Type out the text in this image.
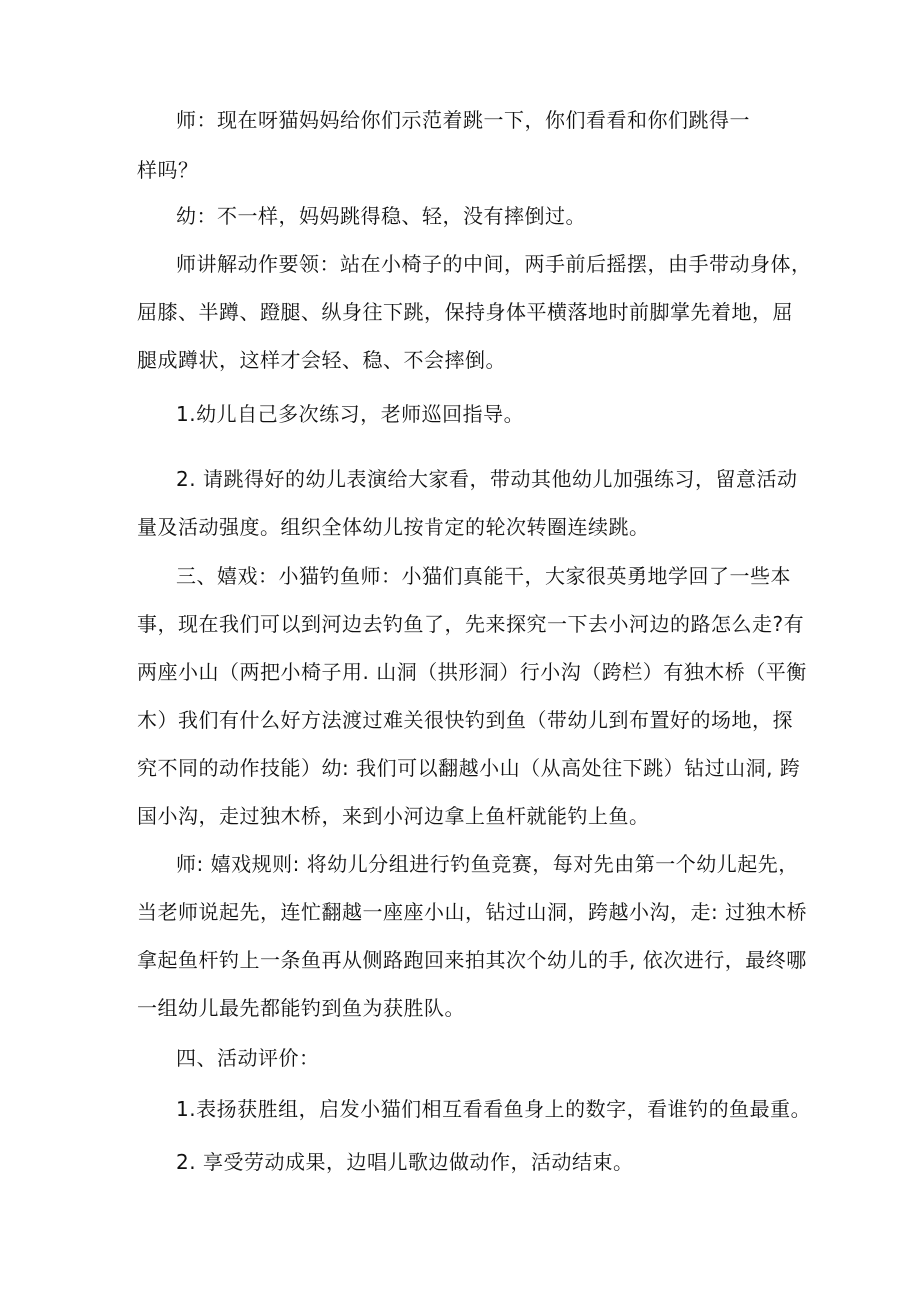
师：现在呀猫妈妈给你们示范着跳一下，你们看看和你们跳得一
样吗？
幼：不一样，妈妈跳得稳、轻，没有摔倒过。
师讲解动作要领：站在小椅子的中间，两手前后摇摆，由手带动身体，
屈膝、半蹲、蹬腿、纵身往下跳，保持身体平横落地时前脚掌先着地，屈
腿成蹲状，这样才会轻、稳、不会摔倒。
1.幼儿自己多次练习，老师巡回指导。
2. 请跳得好的幼儿表演给大家看，带动其他幼儿加强练习，留意活动
量及活动强度。组织全体幼儿按肯定的轮次转圈连续跳。
三、嬉戏：小猫钓鱼师：小猫们真能干，大家很英勇地学回了一些本
事，现在我们可以到河边去钓鱼了，先来探究一下去小河边的路怎么走?有
两座小山（两把小椅子用. 山洞（拱形洞）行小沟（跨栏）有独木桥（平衡
木）我们有什么好方法渡过难关很快钓到鱼（带幼儿到布置好的场地，探
究不同的动作技能）幼: 我们可以翻越小山（从高处往下跳）钻过山洞, 跨
国小沟，走过独木桥，来到小河边拿上鱼杆就能钓上鱼。
师: 嬉戏规则: 将幼儿分组进行钓鱼竞赛，每对先由第一个幼儿起先，
当老师说起先，连忙翻越一座座小山，钻过山洞，跨越小沟，走: 过独木桥
拿起鱼杆钓上一条鱼再从侧路跑回来拍其次个幼儿的手, 依次进行，最终哪
一组幼儿最先都能钓到鱼为获胜队。
四、活动评价：
1.表扬获胜组，启发小猫们相互看看鱼身上的数字，看谁钓的鱼最重。
2. 享受劳动成果，边唱儿歌边做动作，活动结束。
